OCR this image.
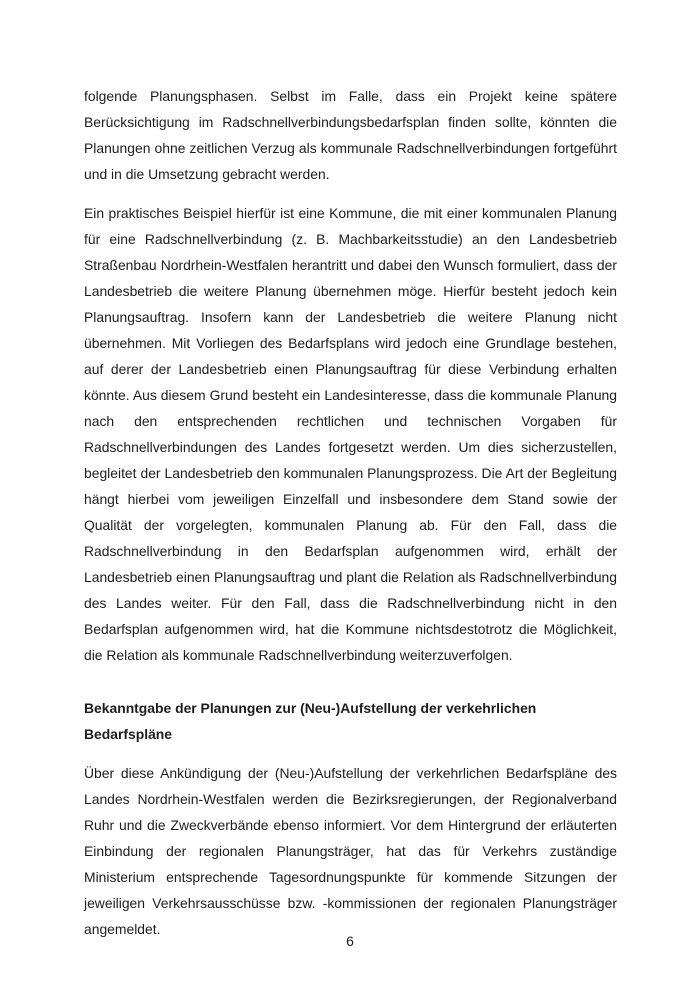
folgende Planungsphasen. Selbst im Falle, dass ein Projekt keine spätere Berücksichtigung im Radschnellverbindungsbedarfsplan finden sollte, könnten die Planungen ohne zeitlichen Verzug als kommunale Radschnellverbindungen fortgeführt und in die Umsetzung gebracht werden.

Ein praktisches Beispiel hierfür ist eine Kommune, die mit einer kommunalen Planung für eine Radschnellverbindung (z. B. Machbarkeitsstudie) an den Landesbetrieb Straßenbau Nordrhein-Westfalen herantritt und dabei den Wunsch formuliert, dass der Landesbetrieb die weitere Planung übernehmen möge. Hierfür besteht jedoch kein Planungsauftrag. Insofern kann der Landesbetrieb die weitere Planung nicht übernehmen. Mit Vorliegen des Bedarfsplans wird jedoch eine Grundlage bestehen, auf derer der Landesbetrieb einen Planungsauftrag für diese Verbindung erhalten könnte. Aus diesem Grund besteht ein Landesinteresse, dass die kommunale Planung nach den entsprechenden rechtlichen und technischen Vorgaben für Radschnellverbindungen des Landes fortgesetzt werden. Um dies sicherzustellen, begleitet der Landesbetrieb den kommunalen Planungsprozess. Die Art der Begleitung hängt hierbei vom jeweiligen Einzelfall und insbesondere dem Stand sowie der Qualität der vorgelegten, kommunalen Planung ab. Für den Fall, dass die Radschnellverbindung in den Bedarfsplan aufgenommen wird, erhält der Landesbetrieb einen Planungsauftrag und plant die Relation als Radschnellverbindung des Landes weiter. Für den Fall, dass die Radschnellverbindung nicht in den Bedarfsplan aufgenommen wird, hat die Kommune nichtsdestotrotz die Möglichkeit, die Relation als kommunale Radschnellverbindung weiterzuverfolgen.

Bekanntgabe der Planungen zur (Neu-)Aufstellung der verkehrlichen Bedarfspläne

Über diese Ankündigung der (Neu-)Aufstellung der verkehrlichen Bedarfspläne des Landes Nordrhein-Westfalen werden die Bezirksregierungen, der Regionalverband Ruhr und die Zweckverbände ebenso informiert. Vor dem Hintergrund der erläuterten Einbindung der regionalen Planungsträger, hat das für Verkehrs zuständige Ministerium entsprechende Tagesordnungspunkte für kommende Sitzungen der jeweiligen Verkehrsausschüsse bzw. -kommissionen der regionalen Planungsträger angemeldet.

6
